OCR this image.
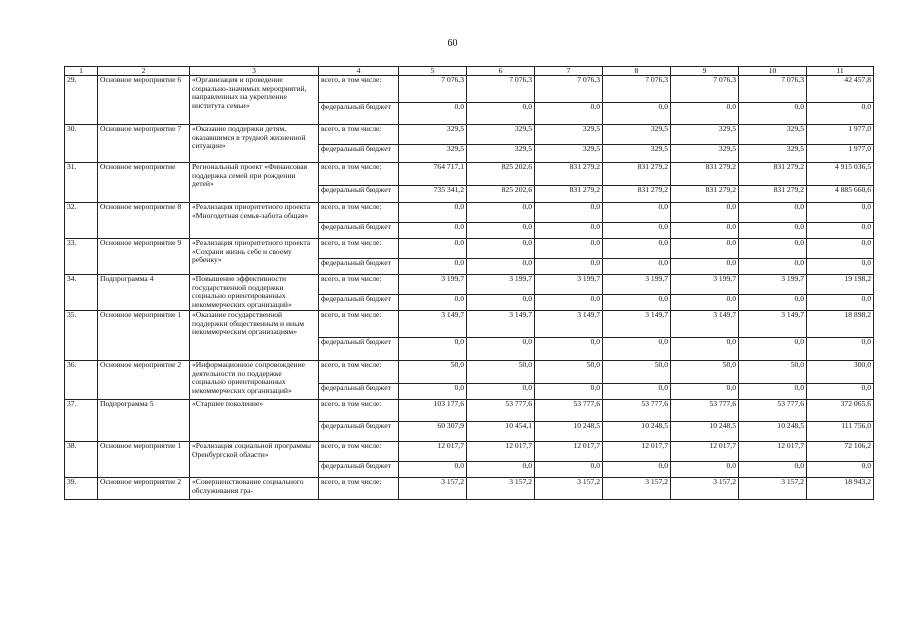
60
1	2	3	4	5	6	7	8	9	10	11
29.	Основное мероприятие 6	«Организация и проведение социально-значимых мероприятий, направленных на укрепление института семьи»	всего, в том числе:	7 076,3	7 076,3	7 076,3	7 076,3	7 076,3	7 076,3	42 457,8
			федеральный бюджет	0,0	0,0	0,0	0,0	0,0	0,0	0,0
30.	Основное мероприятие 7	«Оказание поддержки детям, оказавшимся в трудной жизненной ситуации»	всего, в том числе:	329,5	329,5	329,5	329,5	329,5	329,5	1 977,0
			федеральный бюджет	329,5	329,5	329,5	329,5	329,5	329,5	1 977,0
31.	Основное мероприятие	Региональный проект «Финансовая поддержка семей при рождении детей»	всего, в том числе:	764 717,1	825 202,6	831 279,2	831 279,2	831 279,2	831 279,2	4 915 036,5
			федеральный бюджет	735 341,2	825 202,6	831 279,2	831 279,2	831 279,2	831 279,2	4 885 660,6
32.	Основное мероприятие 8	«Реализация приоритетного проекта «Многодетная семья-забота общая»	всего, в том числе:	0,0	0,0	0,0	0,0	0,0	0,0	0,0
			федеральный бюджет	0,0	0,0	0,0	0,0	0,0	0,0	0,0
33.	Основное мероприятие 9	«Реализация приоритетного проекта «Сохрани жизнь себе и своему ребенку»	всего, в том числе:	0,0	0,0	0,0	0,0	0,0	0,0	0,0
			федеральный бюджет	0,0	0,0	0,0	0,0	0,0	0,0	0,0
34.	Подпрограмма 4	«Повышение эффективности государственной поддержки социально ориентированных некоммерческих организаций»	всего, в том числе:	3 199,7	3 199,7	3 199,7	3 199,7	3 199,7	3 199,7	19 198,2
			федеральный бюджет	0,0	0,0	0,0	0,0	0,0	0,0	0,0
35.	Основное мероприятие 1	«Оказание государственной поддержки общественным и иным некоммерческим организациям»	всего, в том числе:	3 149,7	3 149,7	3 149,7	3 149,7	3 149,7	3 149,7	18 898,2
			федеральный бюджет	0,0	0,0	0,0	0,0	0,0	0,0	0,0
36.	Основное мероприятие 2	«Информационное сопровождение деятельности по поддержке социально ориентированных некоммерческих организаций»	всего, в том числе:	50,0	50,0	50,0	50,0	50,0	50,0	300,0
			федеральный бюджет	0,0	0,0	0,0	0,0	0,0	0,0	0,0
37.	Подпрограмма 5	«Старшее поколение»	всего, в том числе:	103 177,6	53 777,6	53 777,6	53 777,6	53 777,6	53 777,6	372 065,6
			федеральный бюджет	60 307,9	10 454,1	10 248,5	10 248,5	10 248,5	10 248,5	111 756,0
38.	Основное мероприятие 1	«Реализация социальной программы Оренбургской области»	всего, в том числе:	12 017,7	12 017,7	12 017,7	12 017,7	12 017,7	12 017,7	72 106,2
			федеральный бюджет	0,0	0,0	0,0	0,0	0,0	0,0	0,0
39.	Основное мероприятие 2	«Совершенствование социального обслуживания гра-	всего, в том числе:	3 157,2	3 157,2	3 157,2	3 157,2	3 157,2	3 157,2	18 943,2
